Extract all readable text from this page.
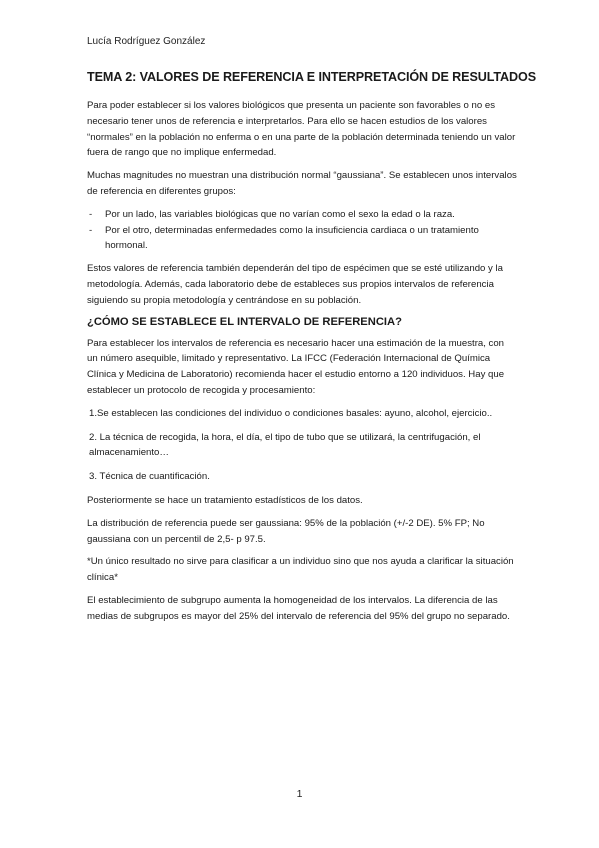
Lucía Rodríguez González
TEMA 2: VALORES DE REFERENCIA E INTERPRETACIÓN DE RESULTADOS

Para poder establecer si los valores biológicos que presenta un paciente son favorables o no es necesario tener unos de referencia e interpretarlos. Para ello se hacen estudios de los valores “normales” en la población no enferma o en una parte de la población determinada teniendo un valor fuera de rango que no implique enfermedad.

Muchas magnitudes no muestran una distribución normal “gaussiana”. Se establecen unos intervalos de referencia en diferentes grupos:

- Por un lado, las variables biológicas que no varían como el sexo la edad o la raza.
- Por el otro, determinadas enfermedades como la insuficiencia cardiaca o un tratamiento hormonal.

Estos valores de referencia también dependerán del tipo de espécimen que se esté utilizando y la metodología. Además, cada laboratorio debe de estableces sus propios intervalos de referencia siguiendo su propia metodología y centrándose en su población.

¿CÓMO SE ESTABLECE EL INTERVALO DE REFERENCIA?

Para establecer los intervalos de referencia es necesario hacer una estimación de la muestra, con un número asequible, limitado y representativo. La IFCC (Federación Internacional de Química Clínica y Medicina de Laboratorio) recomienda hacer el estudio entorno a 120 individuos. Hay que establecer un protocolo de recogida y procesamiento:

1.Se establecen las condiciones del individuo o condiciones basales: ayuno, alcohol, ejercicio..

2. La técnica de recogida, la hora, el día, el tipo de tubo que se utilizará, la centrifugación, el almacenamiento…

3. Técnica de cuantificación.

Posteriormente se hace un tratamiento estadísticos de los datos.

La distribución de referencia puede ser gaussiana: 95% de la población (+/-2 DE). 5% FP; No gaussiana con un percentil de 2,5- p 97.5.

*Un único resultado no sirve para clasificar a un individuo sino que nos ayuda a clarificar la situación clínica*

El establecimiento de subgrupo aumenta la homogeneidad de los intervalos. La diferencia de las medias de subgrupos es mayor del 25% del intervalo de referencia del 95% del grupo no separado.

1
